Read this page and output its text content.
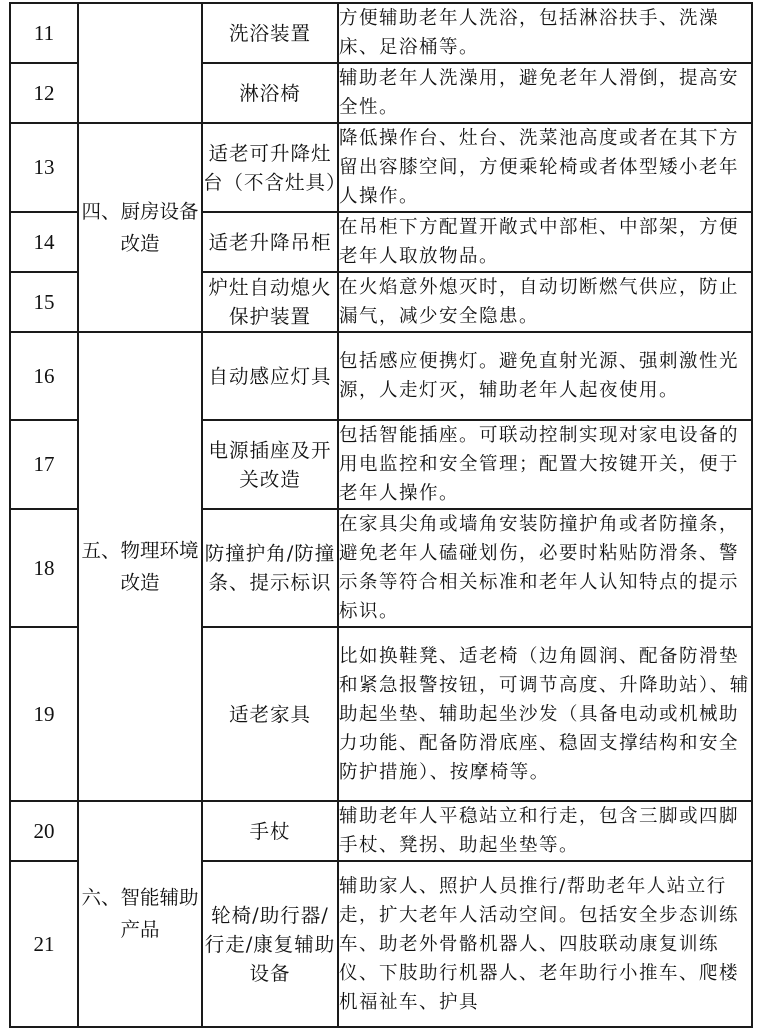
11		洗浴装置	方便辅助老年人洗浴，包括淋浴扶手、洗澡床、足浴桶等。
12		淋浴椅	辅助老年人洗澡用，避免老年人滑倒，提高安全性。
13	四、厨房设备改造	适老可升降灶台（不含灶具）	降低操作台、灶台、洗菜池高度或者在其下方留出容膝空间，方便乘轮椅或者体型矮小老年人操作。
14		适老升降吊柜	在吊柜下方配置开敞式中部柜、中部架，方便老年人取放物品。
15		炉灶自动熄火保护装置	在火焰意外熄灭时，自动切断燃气供应，防止漏气，减少安全隐患。
16	五、物理环境改造	自动感应灯具	包括感应便携灯。避免直射光源、强刺激性光源，人走灯灭，辅助老年人起夜使用。
17		电源插座及开关改造	包括智能插座。可联动控制实现对家电设备的用电监控和安全管理；配置大按键开关，便于老年人操作。
18		防撞护角/防撞条、提示标识	在家具尖角或墙角安装防撞护角或者防撞条，避免老年人磕碰划伤，必要时粘贴防滑条、警示条等符合相关标准和老年人认知特点的提示标识。
19		适老家具	比如换鞋凳、适老椅（边角圆润、配备防滑垫和紧急报警按钮，可调节高度、升降助站）、辅助起坐垫、辅助起坐沙发（具备电动或机械助力功能、配备防滑底座、稳固支撑结构和安全防护措施）、按摩椅等。
20	六、智能辅助产品	手杖	辅助老年人平稳站立和行走，包含三脚或四脚手杖、凳拐、助起坐垫等。
21		轮椅/助行器/行走/康复辅助设备	辅助家人、照护人员推行/帮助老年人站立行走，扩大老年人活动空间。包括安全步态训练车、助老外骨骼机器人、四肢联动康复训练仪、下肢助行机器人、老年助行小推车、爬楼机福祉车、护具
